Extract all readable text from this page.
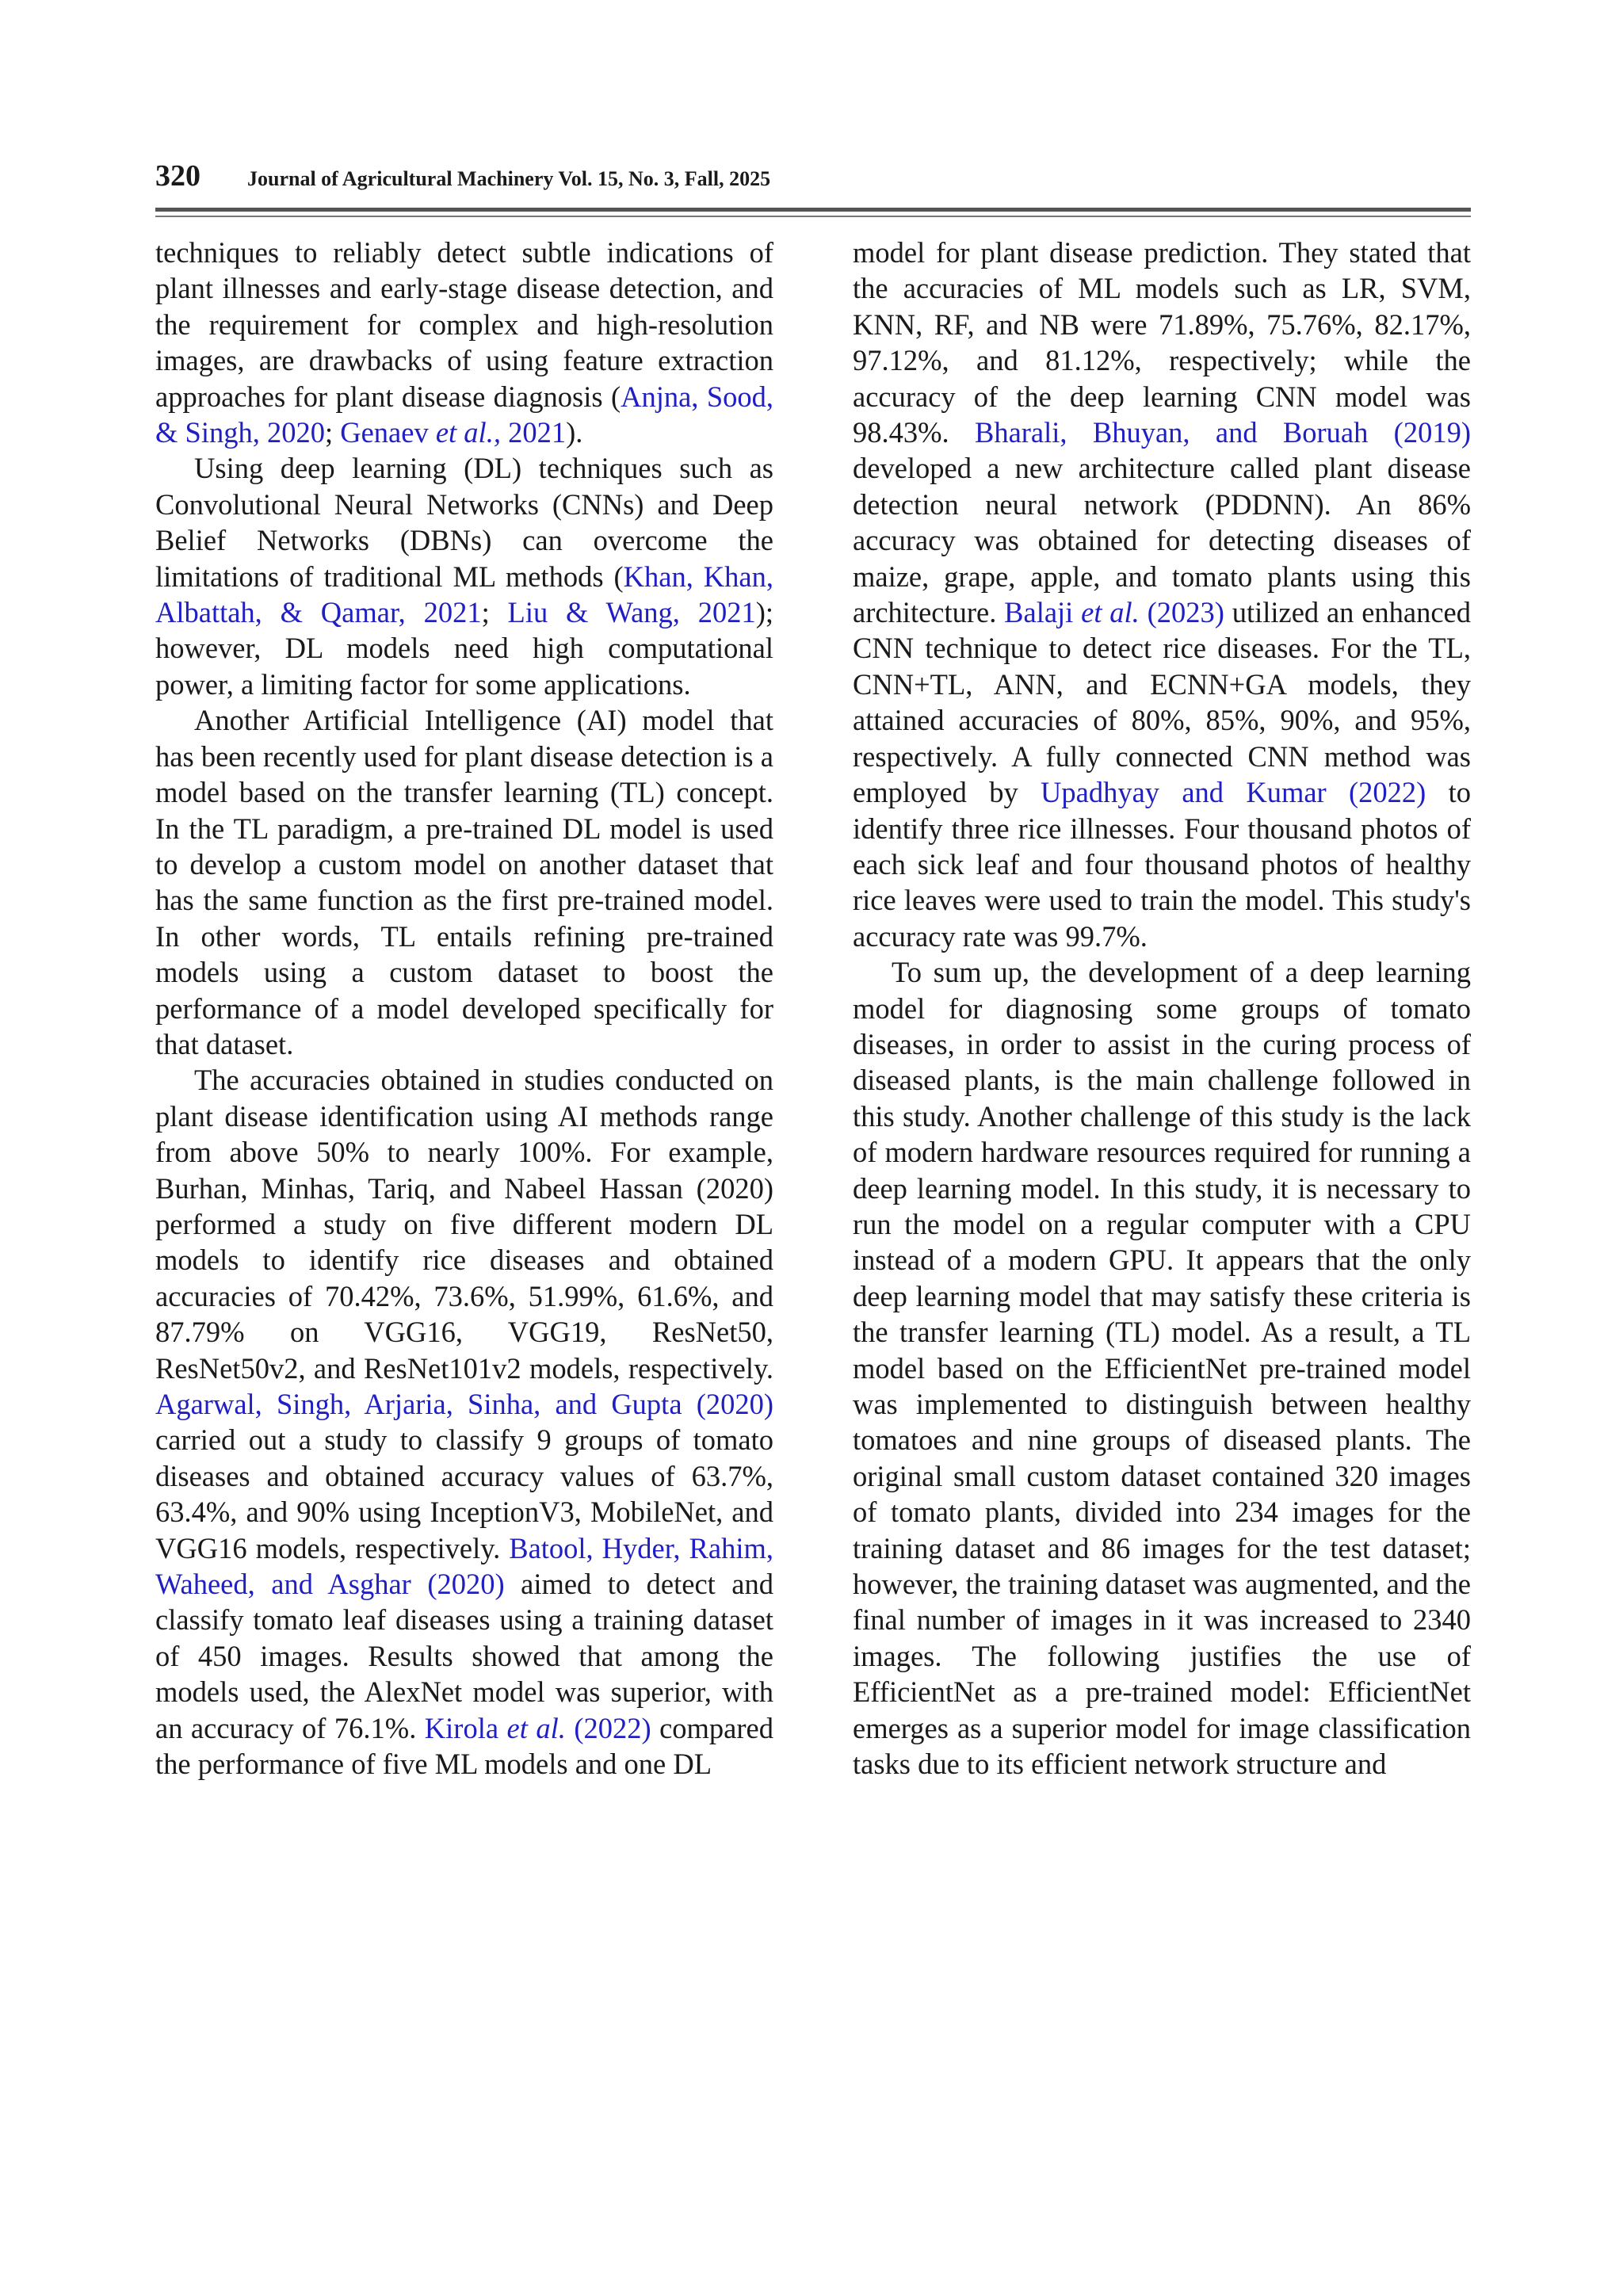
320 Journal of Agricultural Machinery Vol. 15, No. 3, Fall, 2025

techniques to reliably detect subtle indications of plant illnesses and early-stage disease detection, and the requirement for complex and high-resolution images, are drawbacks of using feature extraction approaches for plant disease diagnosis (Anjna, Sood, & Singh, 2020; Genaev et al., 2021).

Using deep learning (DL) techniques such as Convolutional Neural Networks (CNNs) and Deep Belief Networks (DBNs) can overcome the limitations of traditional ML methods (Khan, Khan, Albattah, & Qamar, 2021; Liu & Wang, 2021); however, DL models need high computational power, a limiting factor for some applications.

Another Artificial Intelligence (AI) model that has been recently used for plant disease detection is a model based on the transfer learning (TL) concept. In the TL paradigm, a pre-trained DL model is used to develop a custom model on another dataset that has the same function as the first pre-trained model. In other words, TL entails refining pre-trained models using a custom dataset to boost the performance of a model developed specifically for that dataset.

The accuracies obtained in studies conducted on plant disease identification using AI methods range from above 50% to nearly 100%. For example, Burhan, Minhas, Tariq, and Nabeel Hassan (2020) performed a study on five different modern DL models to identify rice diseases and obtained accuracies of 70.42%, 73.6%, 51.99%, 61.6%, and 87.79% on VGG16, VGG19, ResNet50, ResNet50v2, and ResNet101v2 models, respectively. Agarwal, Singh, Arjaria, Sinha, and Gupta (2020) carried out a study to classify 9 groups of tomato diseases and obtained accuracy values of 63.7%, 63.4%, and 90% using InceptionV3, MobileNet, and VGG16 models, respectively. Batool, Hyder, Rahim, Waheed, and Asghar (2020) aimed to detect and classify tomato leaf diseases using a training dataset of 450 images. Results showed that among the models used, the AlexNet model was superior, with an accuracy of 76.1%. Kirola et al. (2022) compared the performance of five ML models and one DL

model for plant disease prediction. They stated that the accuracies of ML models such as LR, SVM, KNN, RF, and NB were 71.89%, 75.76%, 82.17%, 97.12%, and 81.12%, respectively; while the accuracy of the deep learning CNN model was 98.43%. Bharali, Bhuyan, and Boruah (2019) developed a new architecture called plant disease detection neural network (PDDNN). An 86% accuracy was obtained for detecting diseases of maize, grape, apple, and tomato plants using this architecture. Balaji et al. (2023) utilized an enhanced CNN technique to detect rice diseases. For the TL, CNN+TL, ANN, and ECNN+GA models, they attained accuracies of 80%, 85%, 90%, and 95%, respectively. A fully connected CNN method was employed by Upadhyay and Kumar (2022) to identify three rice illnesses. Four thousand photos of each sick leaf and four thousand photos of healthy rice leaves were used to train the model. This study's accuracy rate was 99.7%.

To sum up, the development of a deep learning model for diagnosing some groups of tomato diseases, in order to assist in the curing process of diseased plants, is the main challenge followed in this study. Another challenge of this study is the lack of modern hardware resources required for running a deep learning model. In this study, it is necessary to run the model on a regular computer with a CPU instead of a modern GPU. It appears that the only deep learning model that may satisfy these criteria is the transfer learning (TL) model. As a result, a TL model based on the EfficientNet pre-trained model was implemented to distinguish between healthy tomatoes and nine groups of diseased plants. The original small custom dataset contained 320 images of tomato plants, divided into 234 images for the training dataset and 86 images for the test dataset; however, the training dataset was augmented, and the final number of images in it was increased to 2340 images. The following justifies the use of EfficientNet as a pre-trained model: EfficientNet emerges as a superior model for image classification tasks due to its efficient network structure and
